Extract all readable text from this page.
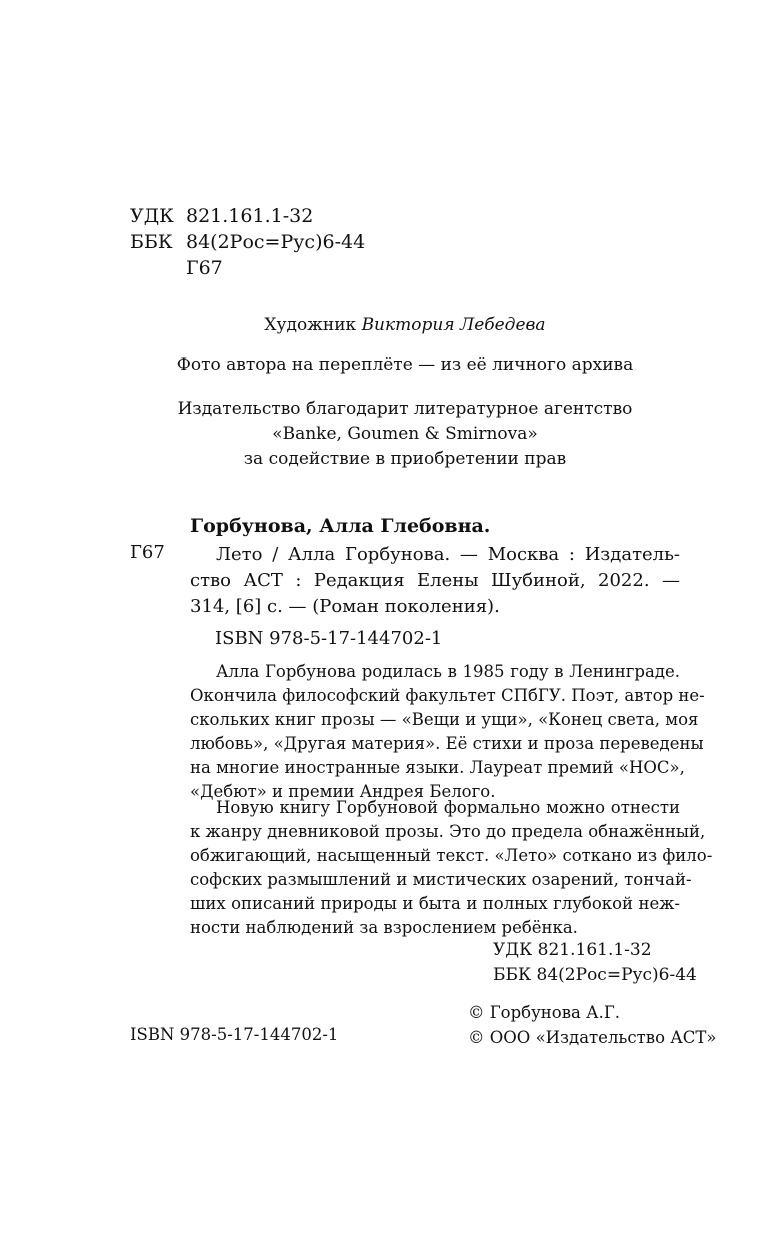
УДК 821.161.1-32
ББК 84(2Рос=Рус)6-44
Г67
Художник Виктория Лебедева
Фото автора на переплёте — из её личного архива
Издательство благодарит литературное агентство
«Banke, Goumen & Smirnova»
за содействие в приобретении прав
Горбунова, Алла Глебовна.
Г67	Лето / Алла Горбунова. — Москва : Издатель-
ство АСТ : Редакция Елены Шубиной, 2022. —
314, [6] с. — (Роман поколения).
ISBN 978-5-17-144702-1
Алла Горбунова родилась в 1985 году в Ленинграде.
Окончила философский факультет СПбГУ. Поэт, автор не-
скольких книг прозы — «Вещи и ущи», «Конец света, моя
любовь», «Другая материя». Её стихи и проза переведены
на многие иностранные языки. Лауреат премий «НОС»,
«Дебют» и премии Андрея Белого.
Новую книгу Горбуновой формально можно отнести
к жанру дневниковой прозы. Это до предела обнажённый,
обжигающий, насыщенный текст. «Лето» соткано из фило-
софских размышлений и мистических озарений, тончай-
ших описаний природы и быта и полных глубокой неж-
ности наблюдений за взрослением ребёнка.
УДК 821.161.1-32
ББК 84(2Рос=Рус)6-44
© Горбунова А.Г.
© ООО «Издательство АСТ»
ISBN 978-5-17-144702-1
